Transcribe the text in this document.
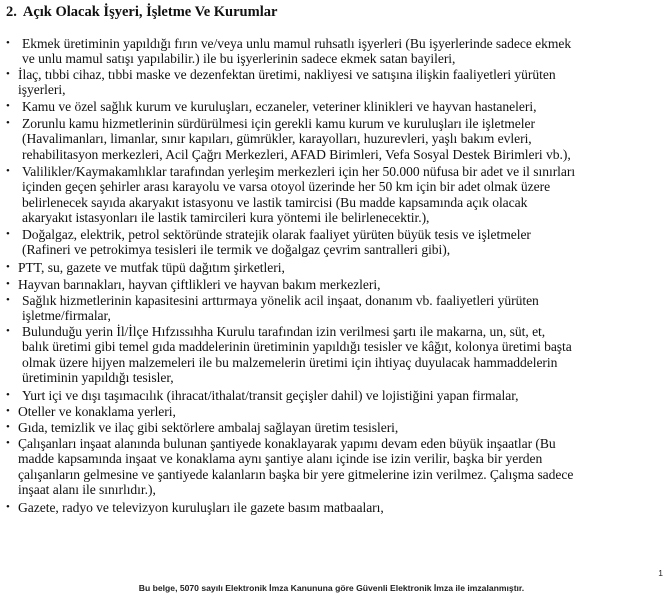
2. Açık Olacak İşyeri, İşletme Ve Kurumlar
• Ekmek üretiminin yapıldığı fırın ve/veya unlu mamul ruhsatlı işyerleri (Bu işyerlerinde sadece ekmek
ve unlu mamul satışı yapılabilir.) ile bu işyerlerinin sadece ekmek satan bayileri,
• İlaç, tıbbi cihaz, tıbbi maske ve dezenfektan üretimi, nakliyesi ve satışına ilişkin faaliyetleri yürüten
işyerleri,
• Kamu ve özel sağlık kurum ve kuruluşları, eczaneler, veteriner klinikleri ve hayvan hastaneleri,
• Zorunlu kamu hizmetlerinin sürdürülmesi için gerekli kamu kurum ve kuruluşları ile işletmeler
(Havalimanları, limanlar, sınır kapıları, gümrükler, karayolları, huzurevleri, yaşlı bakım evleri,
rehabilitasyon merkezleri, Acil Çağrı Merkezleri, AFAD Birimleri, Vefa Sosyal Destek Birimleri vb.),
• Valilikler/Kaymakamlıklar tarafından yerleşim merkezleri için her 50.000 nüfusa bir adet ve il sınırları
içinden geçen şehirler arası karayolu ve varsa otoyol üzerinde her 50 km için bir adet olmak üzere
belirlenecek sayıda akaryakıt istasyonu ve lastik tamircisi (Bu madde kapsamında açık olacak
akaryakıt istasyonları ile lastik tamircileri kura yöntemi ile belirlenecektir.),
• Doğalgaz, elektrik, petrol sektöründe stratejik olarak faaliyet yürüten büyük tesis ve işletmeler
(Rafineri ve petrokimya tesisleri ile termik ve doğalgaz çevrim santralleri gibi),
• PTT, su, gazete ve mutfak tüpü dağıtım şirketleri,
• Hayvan barınakları, hayvan çiftlikleri ve hayvan bakım merkezleri,
• Sağlık hizmetlerinin kapasitesini arttırmaya yönelik acil inşaat, donanım vb. faaliyetleri yürüten
işletme/firmalar,
• Bulunduğu yerin İl/İlçe Hıfzıssıhha Kurulu tarafından izin verilmesi şartı ile makarna, un, süt, et,
balık üretimi gibi temel gıda maddelerinin üretiminin yapıldığı tesisler ve kâğıt, kolonya üretimi başta
olmak üzere hijyen malzemeleri ile bu malzemelerin üretimi için ihtiyaç duyulacak hammaddelerin
üretiminin yapıldığı tesisler,
• Yurt içi ve dışı taşımacılık (ihracat/ithalat/transit geçişler dahil) ve lojistiğini yapan firmalar,
• Oteller ve konaklama yerleri,
• Gıda, temizlik ve ilaç gibi sektörlere ambalaj sağlayan üretim tesisleri,
• Çalışanları inşaat alanında bulunan şantiyede konaklayarak yapımı devam eden büyük inşaatlar (Bu
madde kapsamında inşaat ve konaklama aynı şantiye alanı içinde ise izin verilir, başka bir yerden
çalışanların gelmesine ve şantiyede kalanların başka bir yere gitmelerine izin verilmez. Çalışma sadece
inşaat alanı ile sınırlıdır.),
• Gazete, radyo ve televizyon kuruluşları ile gazete basım matbaaları,
1
Bu belge, 5070 sayılı Elektronik İmza Kanununa göre Güvenli Elektronik İmza ile imzalanmıştır.
